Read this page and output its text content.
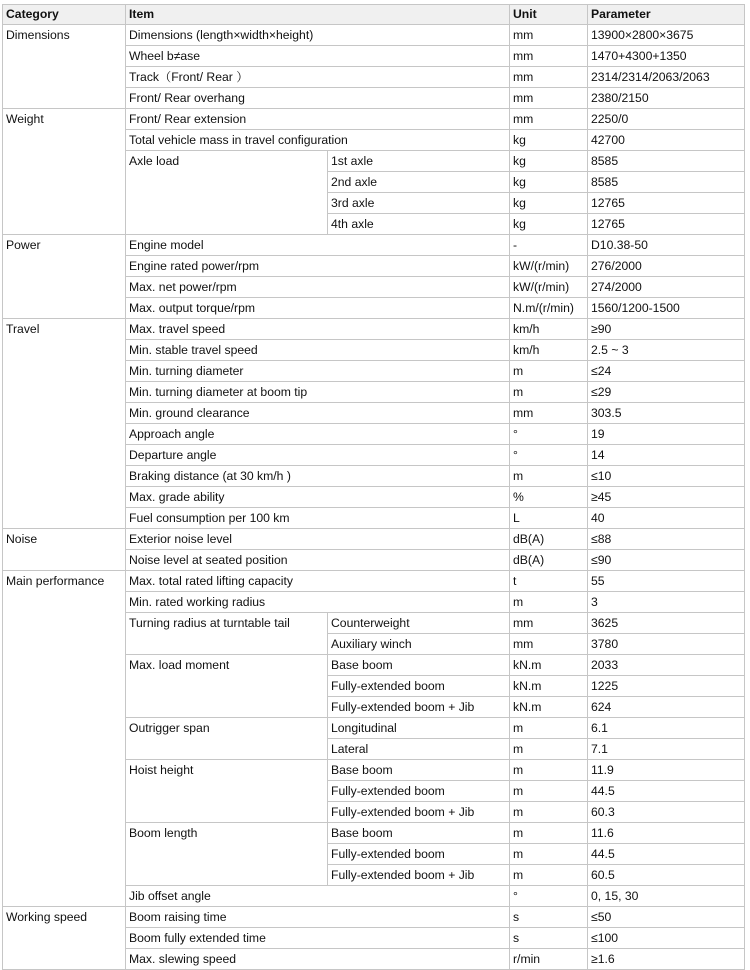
Category	Item		Unit	Parameter
Dimensions	Dimensions (length×width×height)		mm	13900×2800×3675
	Wheel b≠ase		mm	1470+4300+1350
	Track（Front/ Rear ）		mm	2314/2314/2063/2063
	Front/ Rear overhang		mm	2380/2150
Weight	Front/ Rear extension		mm	2250/0
	Total vehicle mass in travel configuration		kg	42700
	Axle load	1st axle	kg	8585
		2nd axle	kg	8585
		3rd axle	kg	12765
		4th axle	kg	12765
Power	Engine model		-	D10.38-50
	Engine rated power/rpm		kW/(r/min)	276/2000
	Max. net power/rpm		kW/(r/min)	274/2000
	Max. output torque/rpm		N.m/(r/min)	1560/1200-1500
Travel	Max. travel speed		km/h	≥90
	Min. stable travel speed		km/h	2.5 ~ 3
	Min. turning diameter		m	≤24
	Min. turning diameter at boom tip		m	≤29
	Min. ground clearance		mm	303.5
	Approach angle		°	19
	Departure angle		°	14
	Braking distance (at 30 km/h )		m	≤10
	Max. grade ability		%	≥45
	Fuel consumption per 100 km		L	40
Noise	Exterior noise level		dB(A)	≤88
	Noise level at seated position		dB(A)	≤90
Main performance	Max. total rated lifting capacity		t	55
	Min. rated working radius		m	3
	Turning radius at turntable tail	Counterweight	mm	3625
		Auxiliary winch	mm	3780
	Max. load moment	Base boom	kN.m	2033
		Fully-extended boom	kN.m	1225
		Fully-extended boom + Jib	kN.m	624
	Outrigger span	Longitudinal	m	6.1
		Lateral	m	7.1
	Hoist height	Base boom	m	11.9
		Fully-extended boom	m	44.5
		Fully-extended boom + Jib	m	60.3
	Boom length	Base boom	m	11.6
		Fully-extended boom	m	44.5
		Fully-extended boom + Jib	m	60.5
	Jib offset angle		°	0, 15, 30
Working speed	Boom raising time		s	≤50
	Boom fully extended time		s	≤100
	Max. slewing speed		r/min	≥1.6
